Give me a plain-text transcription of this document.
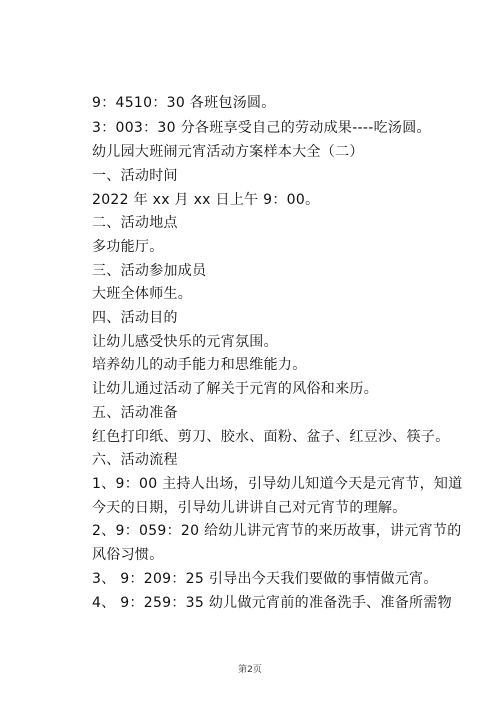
9：4510：30 各班包汤圆。
3：003：30 分各班享受自己的劳动成果----吃汤圆。
幼儿园大班闹元宵活动方案样本大全（二）
一、活动时间
2022 年 xx 月 xx 日上午 9：00。
二、活动地点
多功能厅。
三、活动参加成员
大班全体师生。
四、活动目的
让幼儿感受快乐的元宵氛围。
培养幼儿的动手能力和思维能力。
让幼儿通过活动了解关于元宵的风俗和来历。
五、活动准备
红色打印纸、剪刀、胶水、面粉、盆子、红豆沙、筷子。
六、活动流程
1、9：00 主持人出场，引导幼儿知道今天是元宵节，知道
今天的日期，引导幼儿讲讲自己对元宵节的理解。
2、9：059：20 给幼儿讲元宵节的来历故事，讲元宵节的
风俗习惯。
3、 9：209：25 引导出今天我们要做的事情做元宵。
4、 9：259：35 幼儿做元宵前的准备洗手、准备所需物
第2页
